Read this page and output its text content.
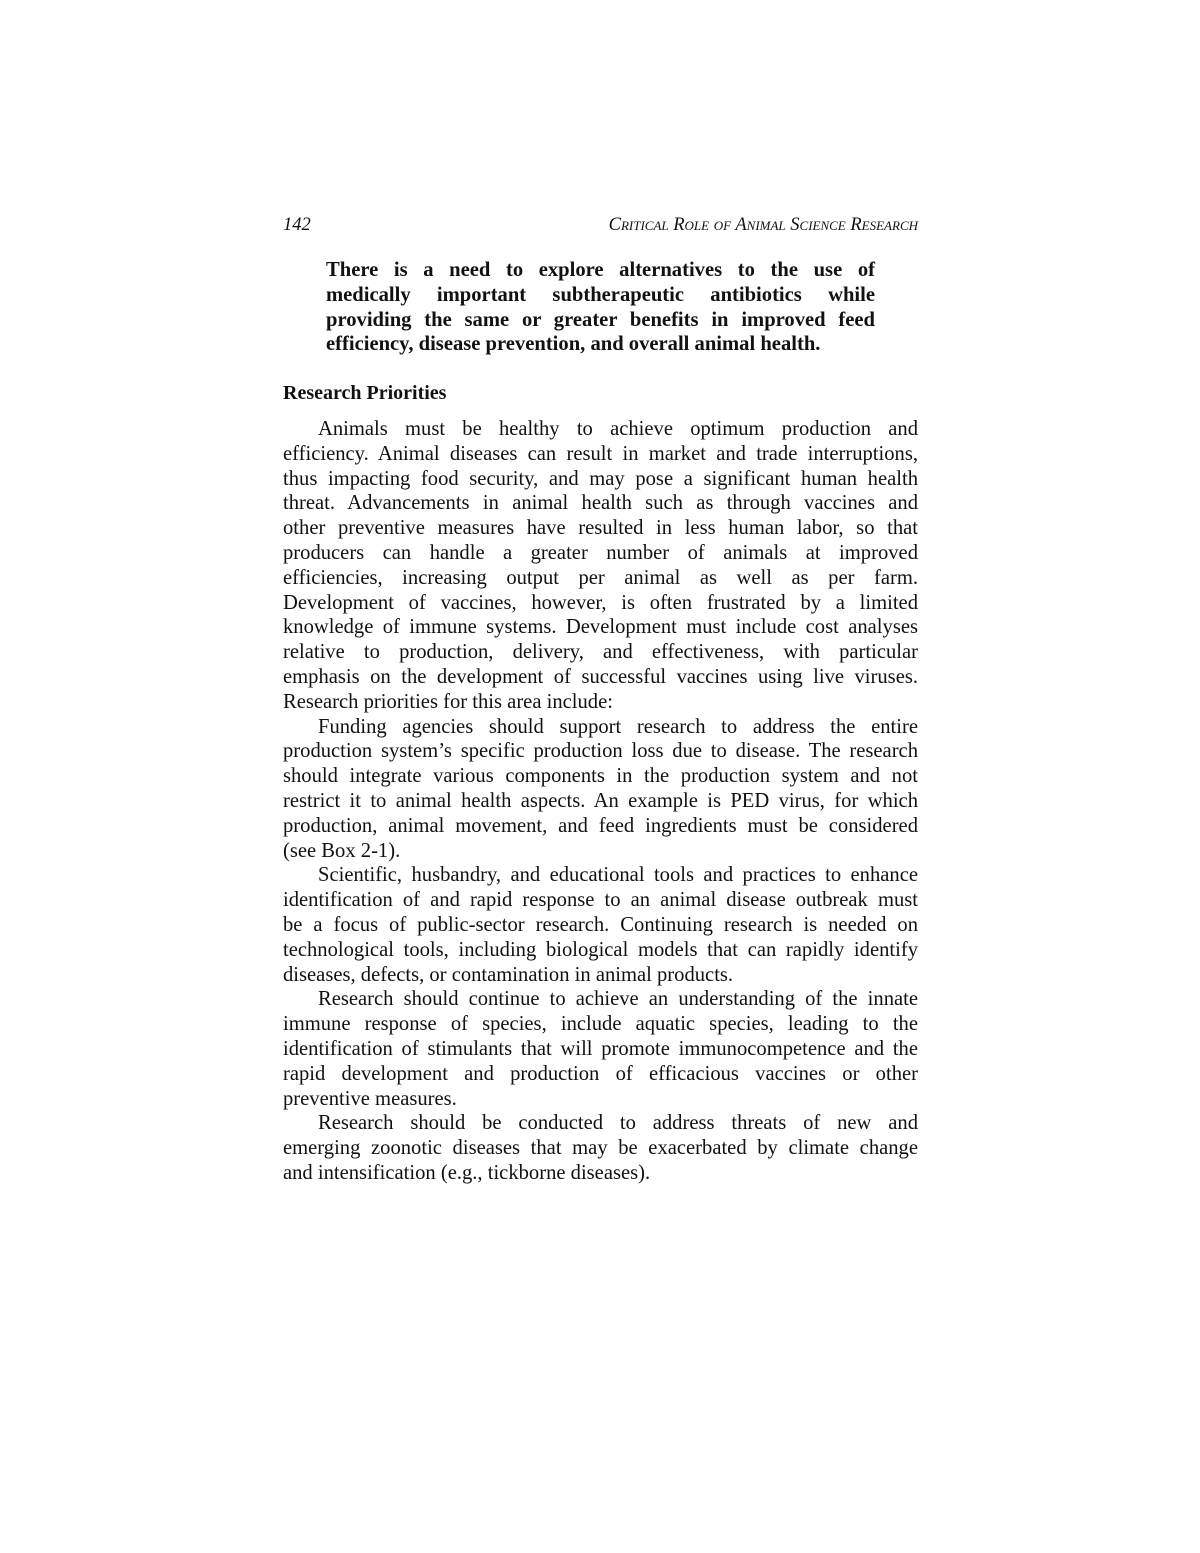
142	Critical Role of Animal Science Research
There is a need to explore alternatives to the use of
medically important subtherapeutic antibiotics while
providing the same or greater benefits in improved feed
efficiency, disease prevention, and overall animal health.
Research Priorities

Animals must be healthy to achieve optimum production and
efficiency. Animal diseases can result in market and trade interruptions,
thus impacting food security, and may pose a significant human health
threat. Advancements in animal health such as through vaccines and
other preventive measures have resulted in less human labor, so that
producers can handle a greater number of animals at improved
efficiencies, increasing output per animal as well as per farm.
Development of vaccines, however, is often frustrated by a limited
knowledge of immune systems. Development must include cost analyses
relative to production, delivery, and effectiveness, with particular
emphasis on the development of successful vaccines using live viruses.
Research priorities for this area include:

Funding agencies should support research to address the entire
production system’s specific production loss due to disease. The research
should integrate various components in the production system and not
restrict it to animal health aspects. An example is PED virus, for which
production, animal movement, and feed ingredients must be considered
(see Box 2-1).

Scientific, husbandry, and educational tools and practices to enhance
identification of and rapid response to an animal disease outbreak must
be a focus of public-sector research. Continuing research is needed on
technological tools, including biological models that can rapidly identify
diseases, defects, or contamination in animal products.

Research should continue to achieve an understanding of the innate
immune response of species, include aquatic species, leading to the
identification of stimulants that will promote immunocompetence and the
rapid development and production of efficacious vaccines or other
preventive measures.

Research should be conducted to address threats of new and
emerging zoonotic diseases that may be exacerbated by climate change
and intensification (e.g., tickborne diseases).
